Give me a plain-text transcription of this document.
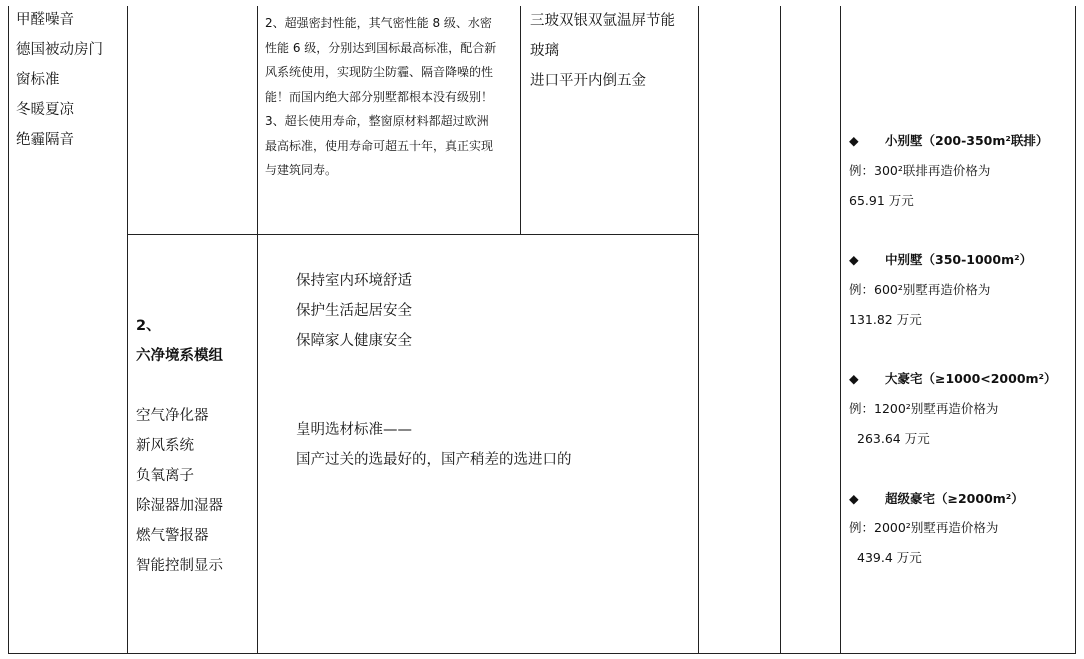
甲醛噪音
德国被动房门
窗标准
冬暖夏凉
绝霾隔音
2、超强密封性能，其气密性能 8 级、水密
性能 6 级，分别达到国标最高标准，配合新
风系统使用，实现防尘防霾、隔音降噪的性
能！而国内绝大部分别墅都根本没有级别！
3、超长使用寿命，整窗原材料都超过欧洲
最高标准，使用寿命可超五十年，真正实现
与建筑同寿。
三玻双银双氩温屏节能
玻璃
进口平开内倒五金
2、
六净境系模组

空气净化器
新风系统
负氧离子
除湿器加湿器
燃气警报器
智能控制显示
保持室内环境舒适
保护生活起居安全
保障家人健康安全
皇明选材标准——
国产过关的选最好的，国产稍差的选进口的
◆ 小别墅（200-350m²联排）
例：300²联排再造价格为
65.91 万元

◆ 中别墅（350-1000m²）
例：600²别墅再造价格为
131.82 万元

◆ 大豪宅（≥1000<2000m²）
例：1200²别墅再造价格为
263.64 万元

◆ 超级豪宅（≥2000m²）
例：2000²别墅再造价格为
439.4 万元
